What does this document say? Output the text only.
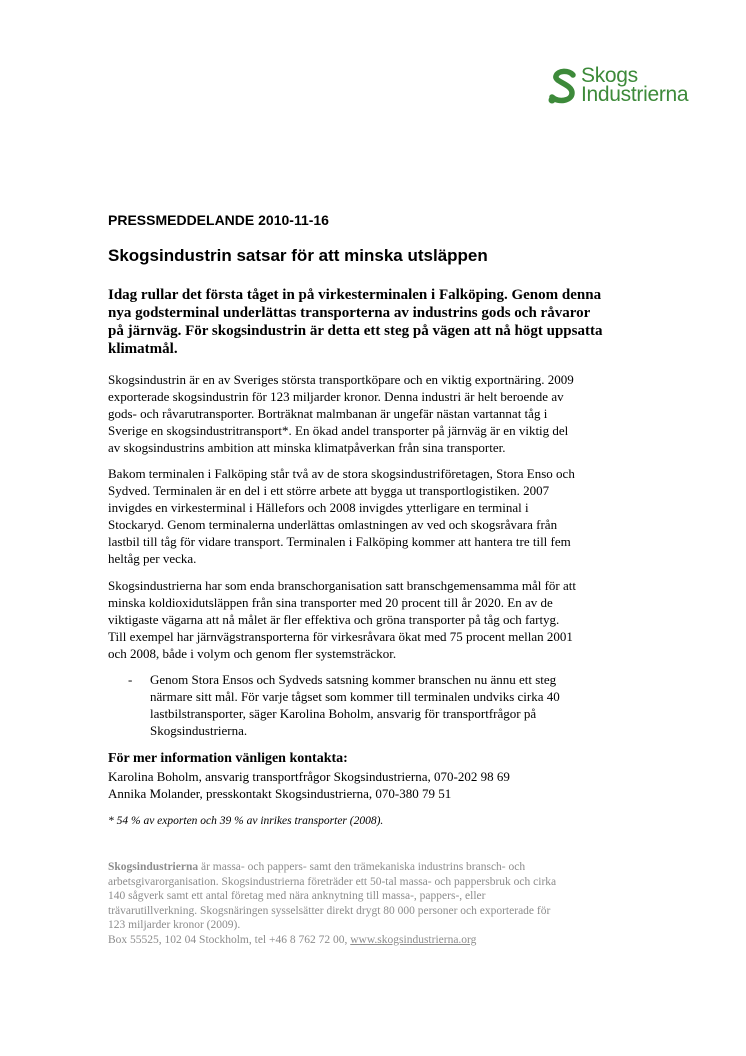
Skogs
Industrierna
PRESSMEDDELANDE 2010-11-16
Skogsindustrin satsar för att minska utsläppen
Idag rullar det första tåget in på virkesterminalen i Falköping. Genom denna
nya godsterminal underlättas transporterna av industrins gods och råvaror
på järnväg. För skogsindustrin är detta ett steg på vägen att nå högt uppsatta
klimatmål.
Skogsindustrin är en av Sveriges största transportköpare och en viktig exportnäring. 2009
exporterade skogsindustrin för 123 miljarder kronor. Denna industri är helt beroende av
gods- och råvarutransporter. Borträknat malmbanan är ungefär nästan vartannat tåg i
Sverige en skogsindustritransport*. En ökad andel transporter på järnväg är en viktig del
av skogsindustrins ambition att minska klimatpåverkan från sina transporter.
Bakom terminalen i Falköping står två av de stora skogsindustriföretagen, Stora Enso och
Sydved. Terminalen är en del i ett större arbete att bygga ut transportlogistiken. 2007
invigdes en virkesterminal i Hällefors och 2008 invigdes ytterligare en terminal i
Stockaryd. Genom terminalerna underlättas omlastningen av ved och skogsråvara från
lastbil till tåg för vidare transport. Terminalen i Falköping kommer att hantera tre till fem
heltåg per vecka.
Skogsindustrierna har som enda branschorganisation satt branschgemensamma mål för att
minska koldioxidutsläppen från sina transporter med 20 procent till år 2020. En av de
viktigaste vägarna att nå målet är fler effektiva och gröna transporter på tåg och fartyg.
Till exempel har järnvägstransporterna för virkesråvara ökat med 75 procent mellan 2001
och 2008, både i volym och genom fler systemsträckor.
- Genom Stora Ensos och Sydveds satsning kommer branschen nu ännu ett steg
närmare sitt mål. För varje tågset som kommer till terminalen undviks cirka 40
lastbilstransporter, säger Karolina Boholm, ansvarig för transportfrågor på
Skogsindustrierna.
För mer information vänligen kontakta:
Karolina Boholm, ansvarig transportfrågor Skogsindustrierna, 070-202 98 69
Annika Molander, presskontakt Skogsindustrierna, 070-380 79 51
* 54 % av exporten och 39 % av inrikes transporter (2008).
Skogsindustrierna är massa- och pappers- samt den trämekaniska industrins bransch- och
arbetsgivarorganisation. Skogsindustrierna företräder ett 50-tal massa- och pappersbruk och cirka
140 sågverk samt ett antal företag med nära anknytning till massa-, pappers-, eller
trävarutillverkning. Skogsnäringen sysselsätter direkt drygt 80 000 personer och exporterade för
123 miljarder kronor (2009).
Box 55525, 102 04 Stockholm, tel +46 8 762 72 00, www.skogsindustrierna.org
